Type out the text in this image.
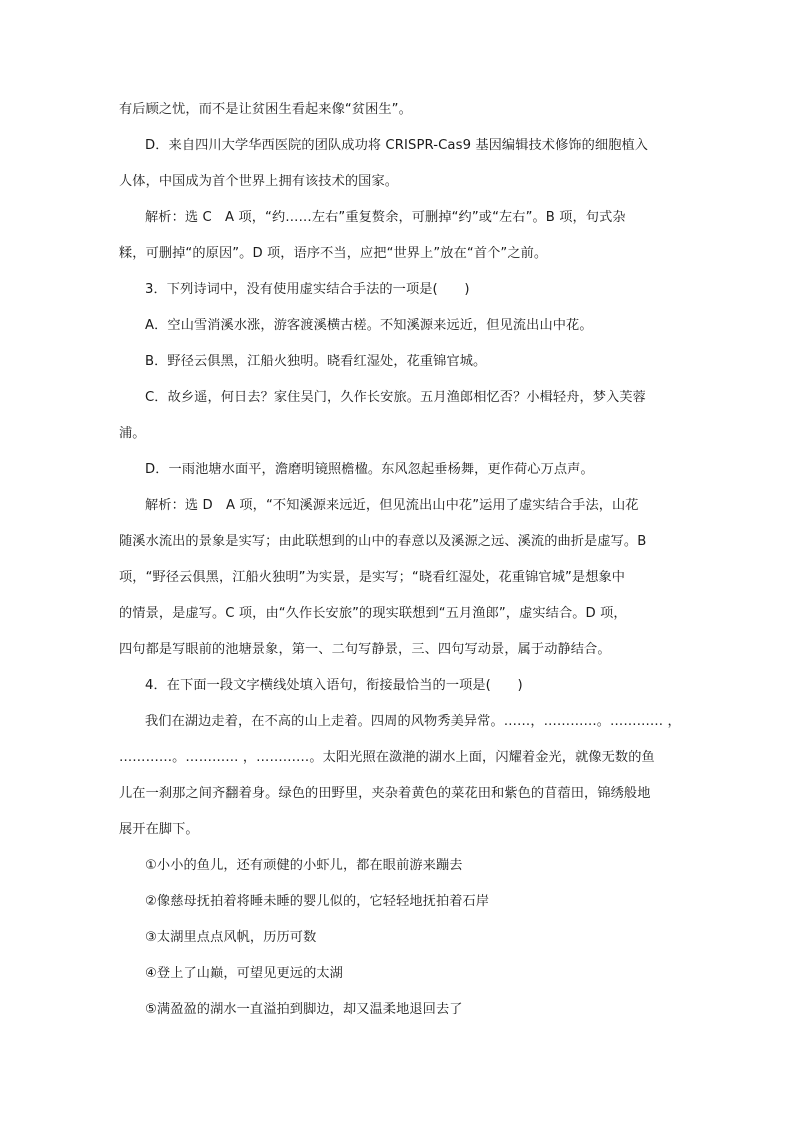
有后顾之忧，而不是让贫困生看起来像“贫困生”。
D．来自四川大学华西医院的团队成功将 CRISPR-Cas9 基因编辑技术修饰的细胞植入
人体，中国成为首个世界上拥有该技术的国家。
解析：选 C　A 项，“约……左右”重复赘余，可删掉“约”或“左右”。B 项，句式杂
糅，可删掉“的原因”。D 项，语序不当，应把“世界上”放在“首个”之前。
3．下列诗词中，没有使用虚实结合手法的一项是(　　)
A．空山雪消溪水涨，游客渡溪横古槎。不知溪源来远近，但见流出山中花。
B．野径云俱黑，江船火独明。晓看红湿处，花重锦官城。
C．故乡遥，何日去？家住吴门，久作长安旅。五月渔郎相忆否？小楫轻舟，梦入芙蓉
浦。
D．一雨池塘水面平，澹磨明镜照檐楹。东风忽起垂杨舞，更作荷心万点声。
解析：选 D　A 项，“不知溪源来远近，但见流出山中花”运用了虚实结合手法，山花
随溪水流出的景象是实写；由此联想到的山中的春意以及溪源之远、溪流的曲折是虚写。B
项，“野径云俱黑，江船火独明”为实景，是实写；“晓看红湿处，花重锦官城”是想象中
的情景，是虚写。C 项，由“久作长安旅”的现实联想到“五月渔郎”，虚实结合。D 项，
四句都是写眼前的池塘景象，第一、二句写静景，三、四句写动景，属于动静结合。
4．在下面一段文字横线处填入语句，衔接最恰当的一项是(　　)
我们在湖边走着，在不高的山上走着。四周的风物秀美异常。……，…………。………… ，
…………。………… ，…………。太阳光照在潋滟的湖水上面，闪耀着金光，就像无数的鱼
儿在一刹那之间齐翻着身。绿色的田野里，夹杂着黄色的菜花田和紫色的苜蓿田，锦绣般地
展开在脚下。
①小小的鱼儿，还有顽健的小虾儿，都在眼前游来蹦去
②像慈母抚拍着将睡未睡的婴儿似的，它轻轻地抚拍着石岸
③太湖里点点风帆，历历可数
④登上了山巅，可望见更远的太湖
⑤满盈盈的湖水一直溢拍到脚边，却又温柔地退回去了
